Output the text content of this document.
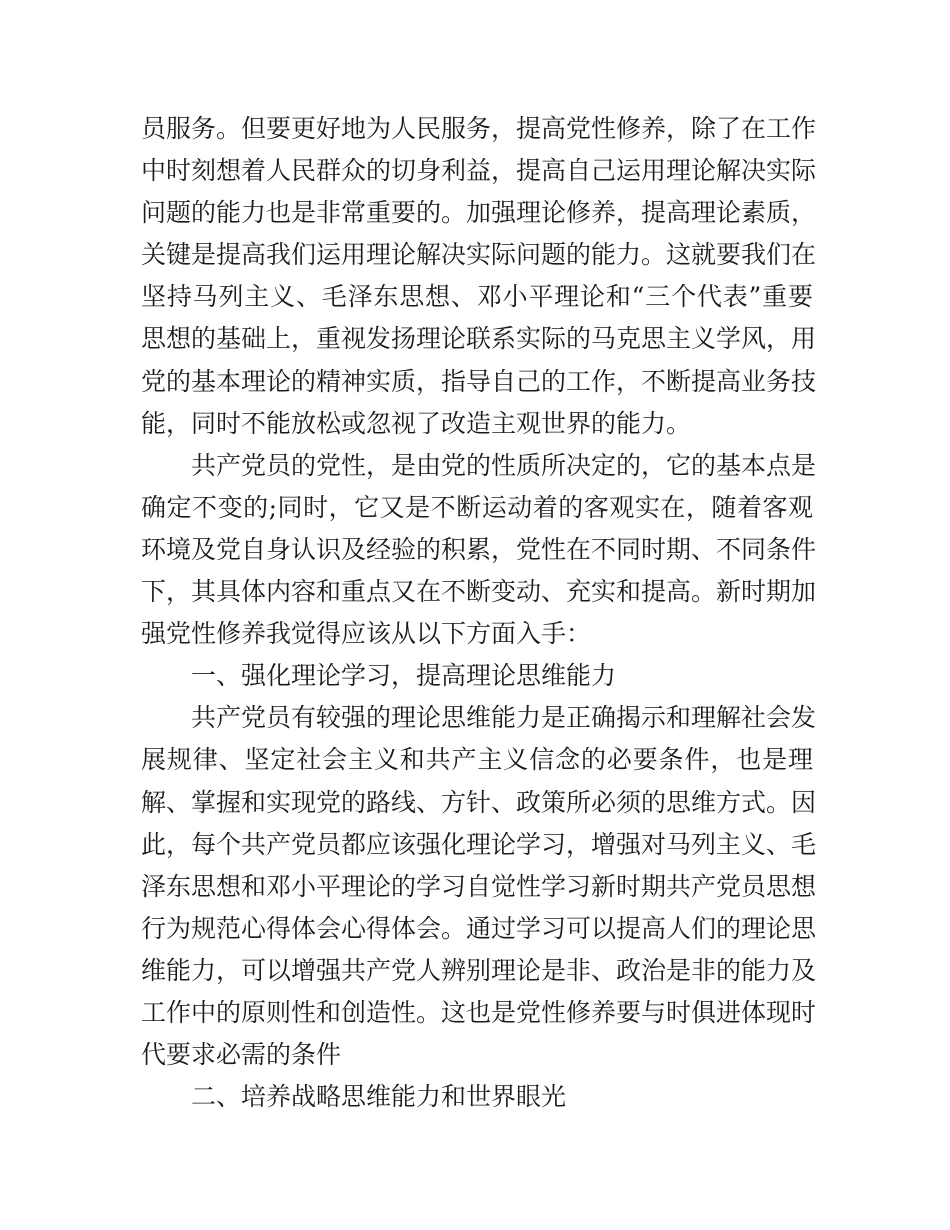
员服务。但要更好地为人民服务，提高党性修养，除了在工作
中时刻想着人民群众的切身利益，提高自己运用理论解决实际
问题的能力也是非常重要的。加强理论修养，提高理论素质，
关键是提高我们运用理论解决实际问题的能力。这就要我们在
坚持马列主义、毛泽东思想、邓小平理论和“三个代表”重要
思想的基础上，重视发扬理论联系实际的马克思主义学风，用
党的基本理论的精神实质，指导自己的工作，不断提高业务技
能，同时不能放松或忽视了改造主观世界的能力。
共产党员的党性，是由党的性质所决定的，它的基本点是
确定不变的;同时，它又是不断运动着的客观实在，随着客观
环境及党自身认识及经验的积累，党性在不同时期、不同条件
下，其具体内容和重点又在不断变动、充实和提高。新时期加
强党性修养我觉得应该从以下方面入手：
一、强化理论学习，提高理论思维能力
共产党员有较强的理论思维能力是正确揭示和理解社会发
展规律、坚定社会主义和共产主义信念的必要条件，也是理
解、掌握和实现党的路线、方针、政策所必须的思维方式。因
此，每个共产党员都应该强化理论学习，增强对马列主义、毛
泽东思想和邓小平理论的学习自觉性学习新时期共产党员思想
行为规范心得体会心得体会。通过学习可以提高人们的理论思
维能力，可以增强共产党人辨别理论是非、政治是非的能力及
工作中的原则性和创造性。这也是党性修养要与时俱进体现时
代要求必需的条件
二、培养战略思维能力和世界眼光
